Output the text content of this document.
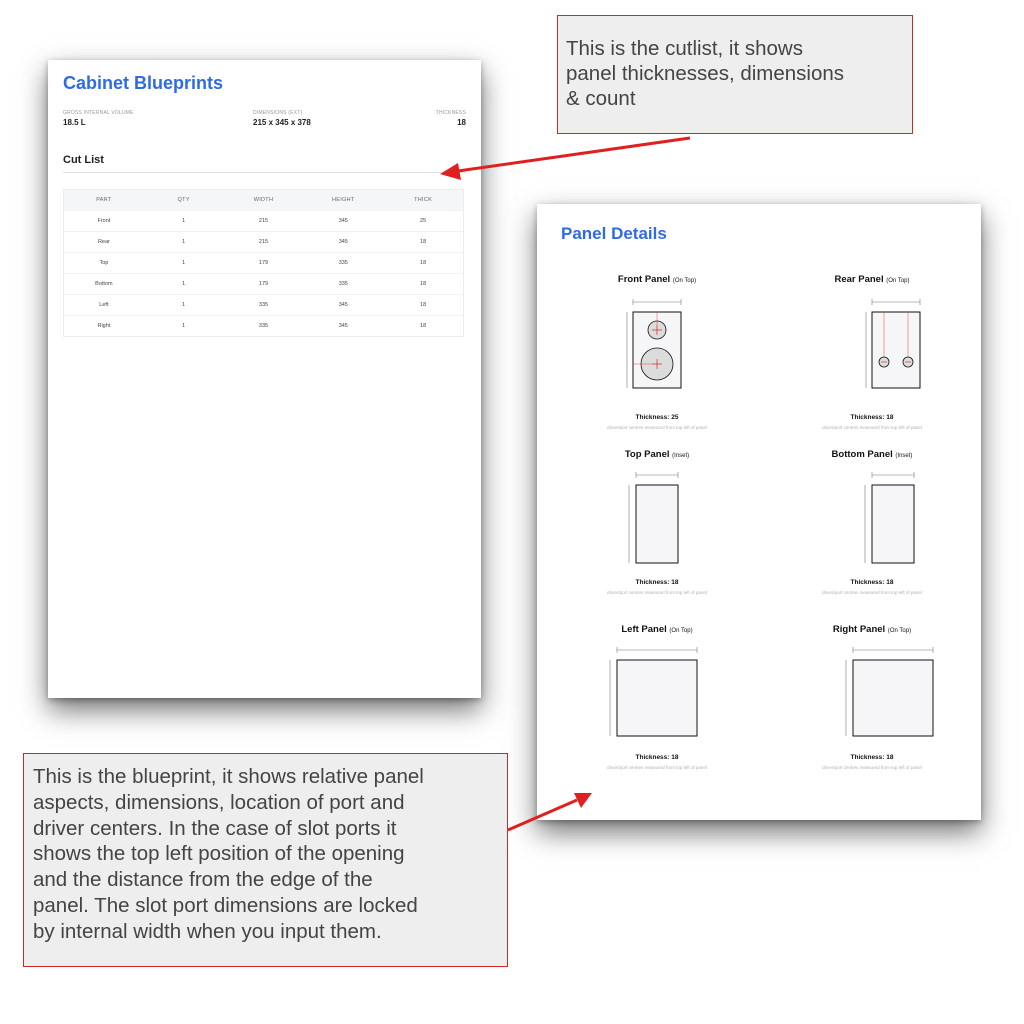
Cabinet Blueprints
GROSS INTERNAL VOLUME
18.5 L
DIMENSIONS (EXT)
215 x 345 x 378
THICKNESS
18
Cut List
PART	QTY	WIDTH	HEIGHT	THICK
Front	1	215	345	25
Rear	1	215	345	18
Top	1	179	335	18
Bottom	1	179	335	18
Left	1	335	345	18
Right	1	335	345	18
Panel Details
Front Panel (On Top)
Thickness: 25
driver/port centres measured from top left of panel
Rear Panel (On Top)
Thickness: 18
driver/port centres measured from top left of panel
Top Panel (Inset)
Thickness: 18
driver/port centres measured from top left of panel
Bottom Panel (Inset)
Thickness: 18
driver/port centres measured from top left of panel
Left Panel (On Top)
Thickness: 18
driver/port centres measured from top left of panel
Right Panel (On Top)
Thickness: 18
driver/port centres measured from top left of panel
This is the cutlist, it shows
panel thicknesses, dimensions
& count
This is the blueprint, it shows relative panel
aspects, dimensions, location of port and
driver centers. In the case of slot ports it
shows the top left position of the opening
and the distance from the edge of the
panel. The slot port dimensions are locked
by internal width when you input them.
